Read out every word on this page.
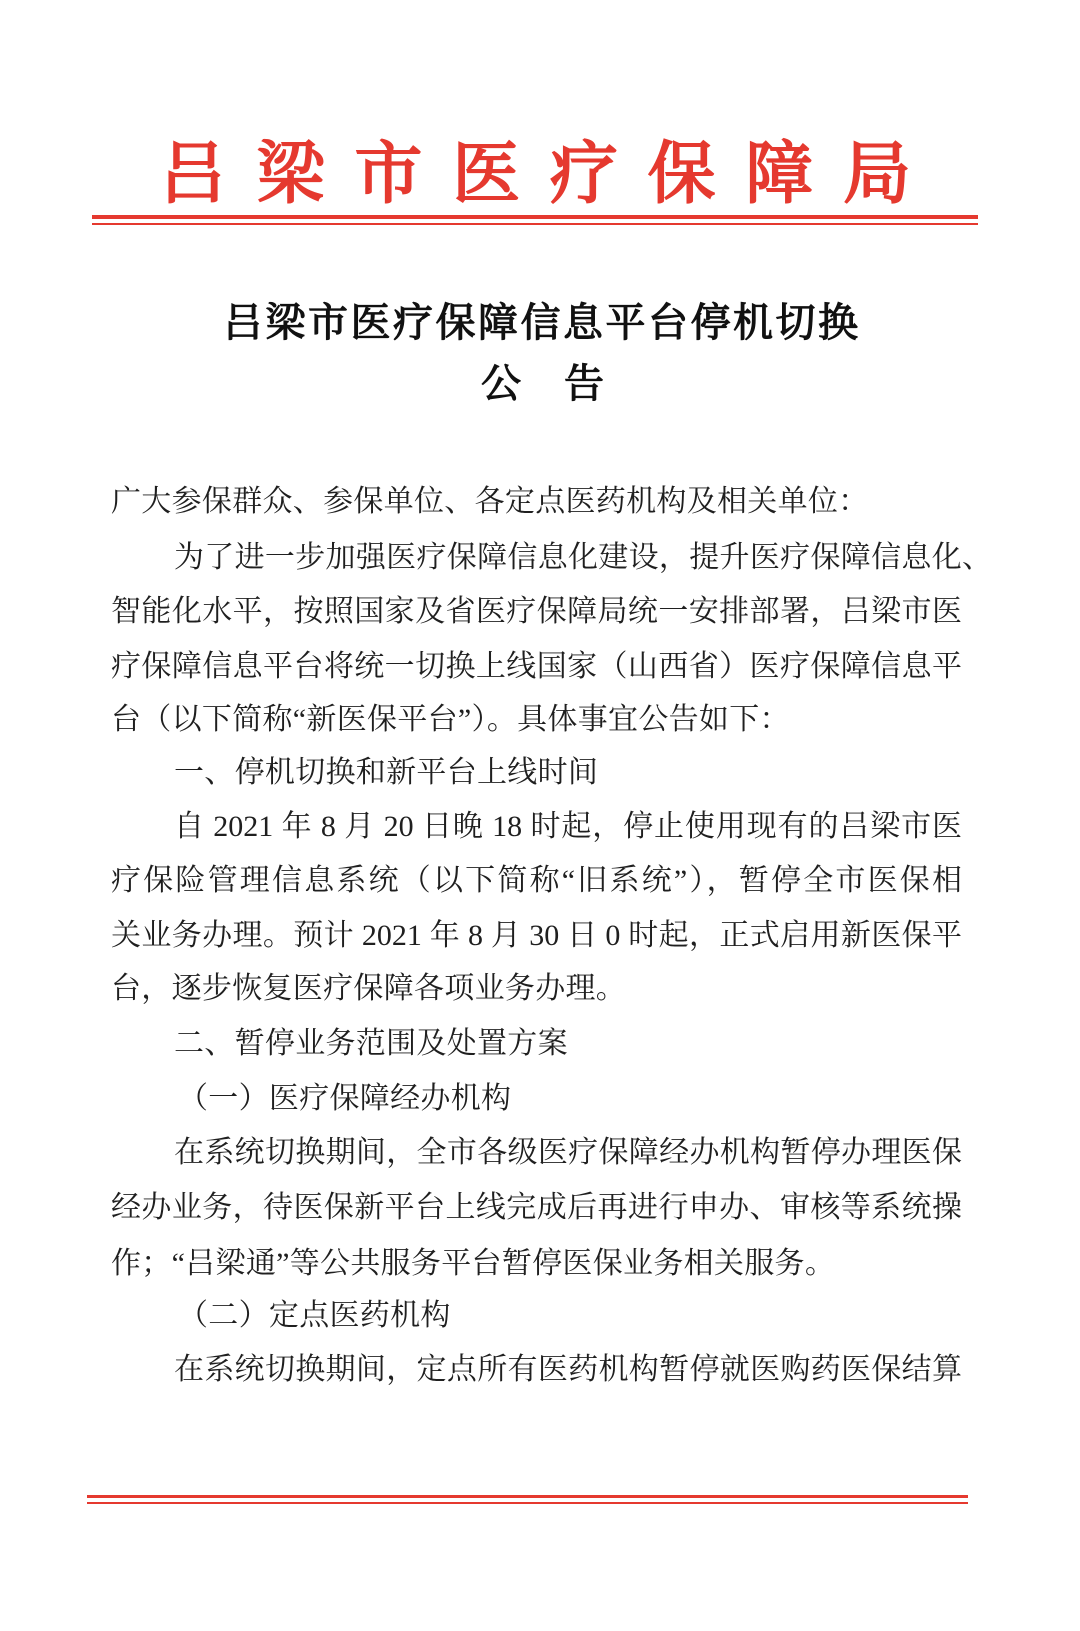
吕梁市医疗保障局
吕梁市医疗保障信息平台停机切换
公 告
广大参保群众、参保单位、各定点医药机构及相关单位：
为了进一步加强医疗保障信息化建设，提升医疗保障信息化、
智能化水平，按照国家及省医疗保障局统一安排部署，吕梁市医
疗保障信息平台将统一切换上线国家（山西省）医疗保障信息平
台（以下简称“新医保平台”）。具体事宜公告如下：
一、停机切换和新平台上线时间
自 2021 年 8 月 20 日晚 18 时起，停止使用现有的吕梁市医
疗保险管理信息系统（以下简称“旧系统”），暂停全市医保相
关业务办理。预计 2021 年 8 月 30 日 0 时起，正式启用新医保平
台，逐步恢复医疗保障各项业务办理。
二、暂停业务范围及处置方案
（一）医疗保障经办机构
在系统切换期间，全市各级医疗保障经办机构暂停办理医保
经办业务，待医保新平台上线完成后再进行申办、审核等系统操
作；“吕梁通”等公共服务平台暂停医保业务相关服务。
（二）定点医药机构
在系统切换期间，定点所有医药机构暂停就医购药医保结算
